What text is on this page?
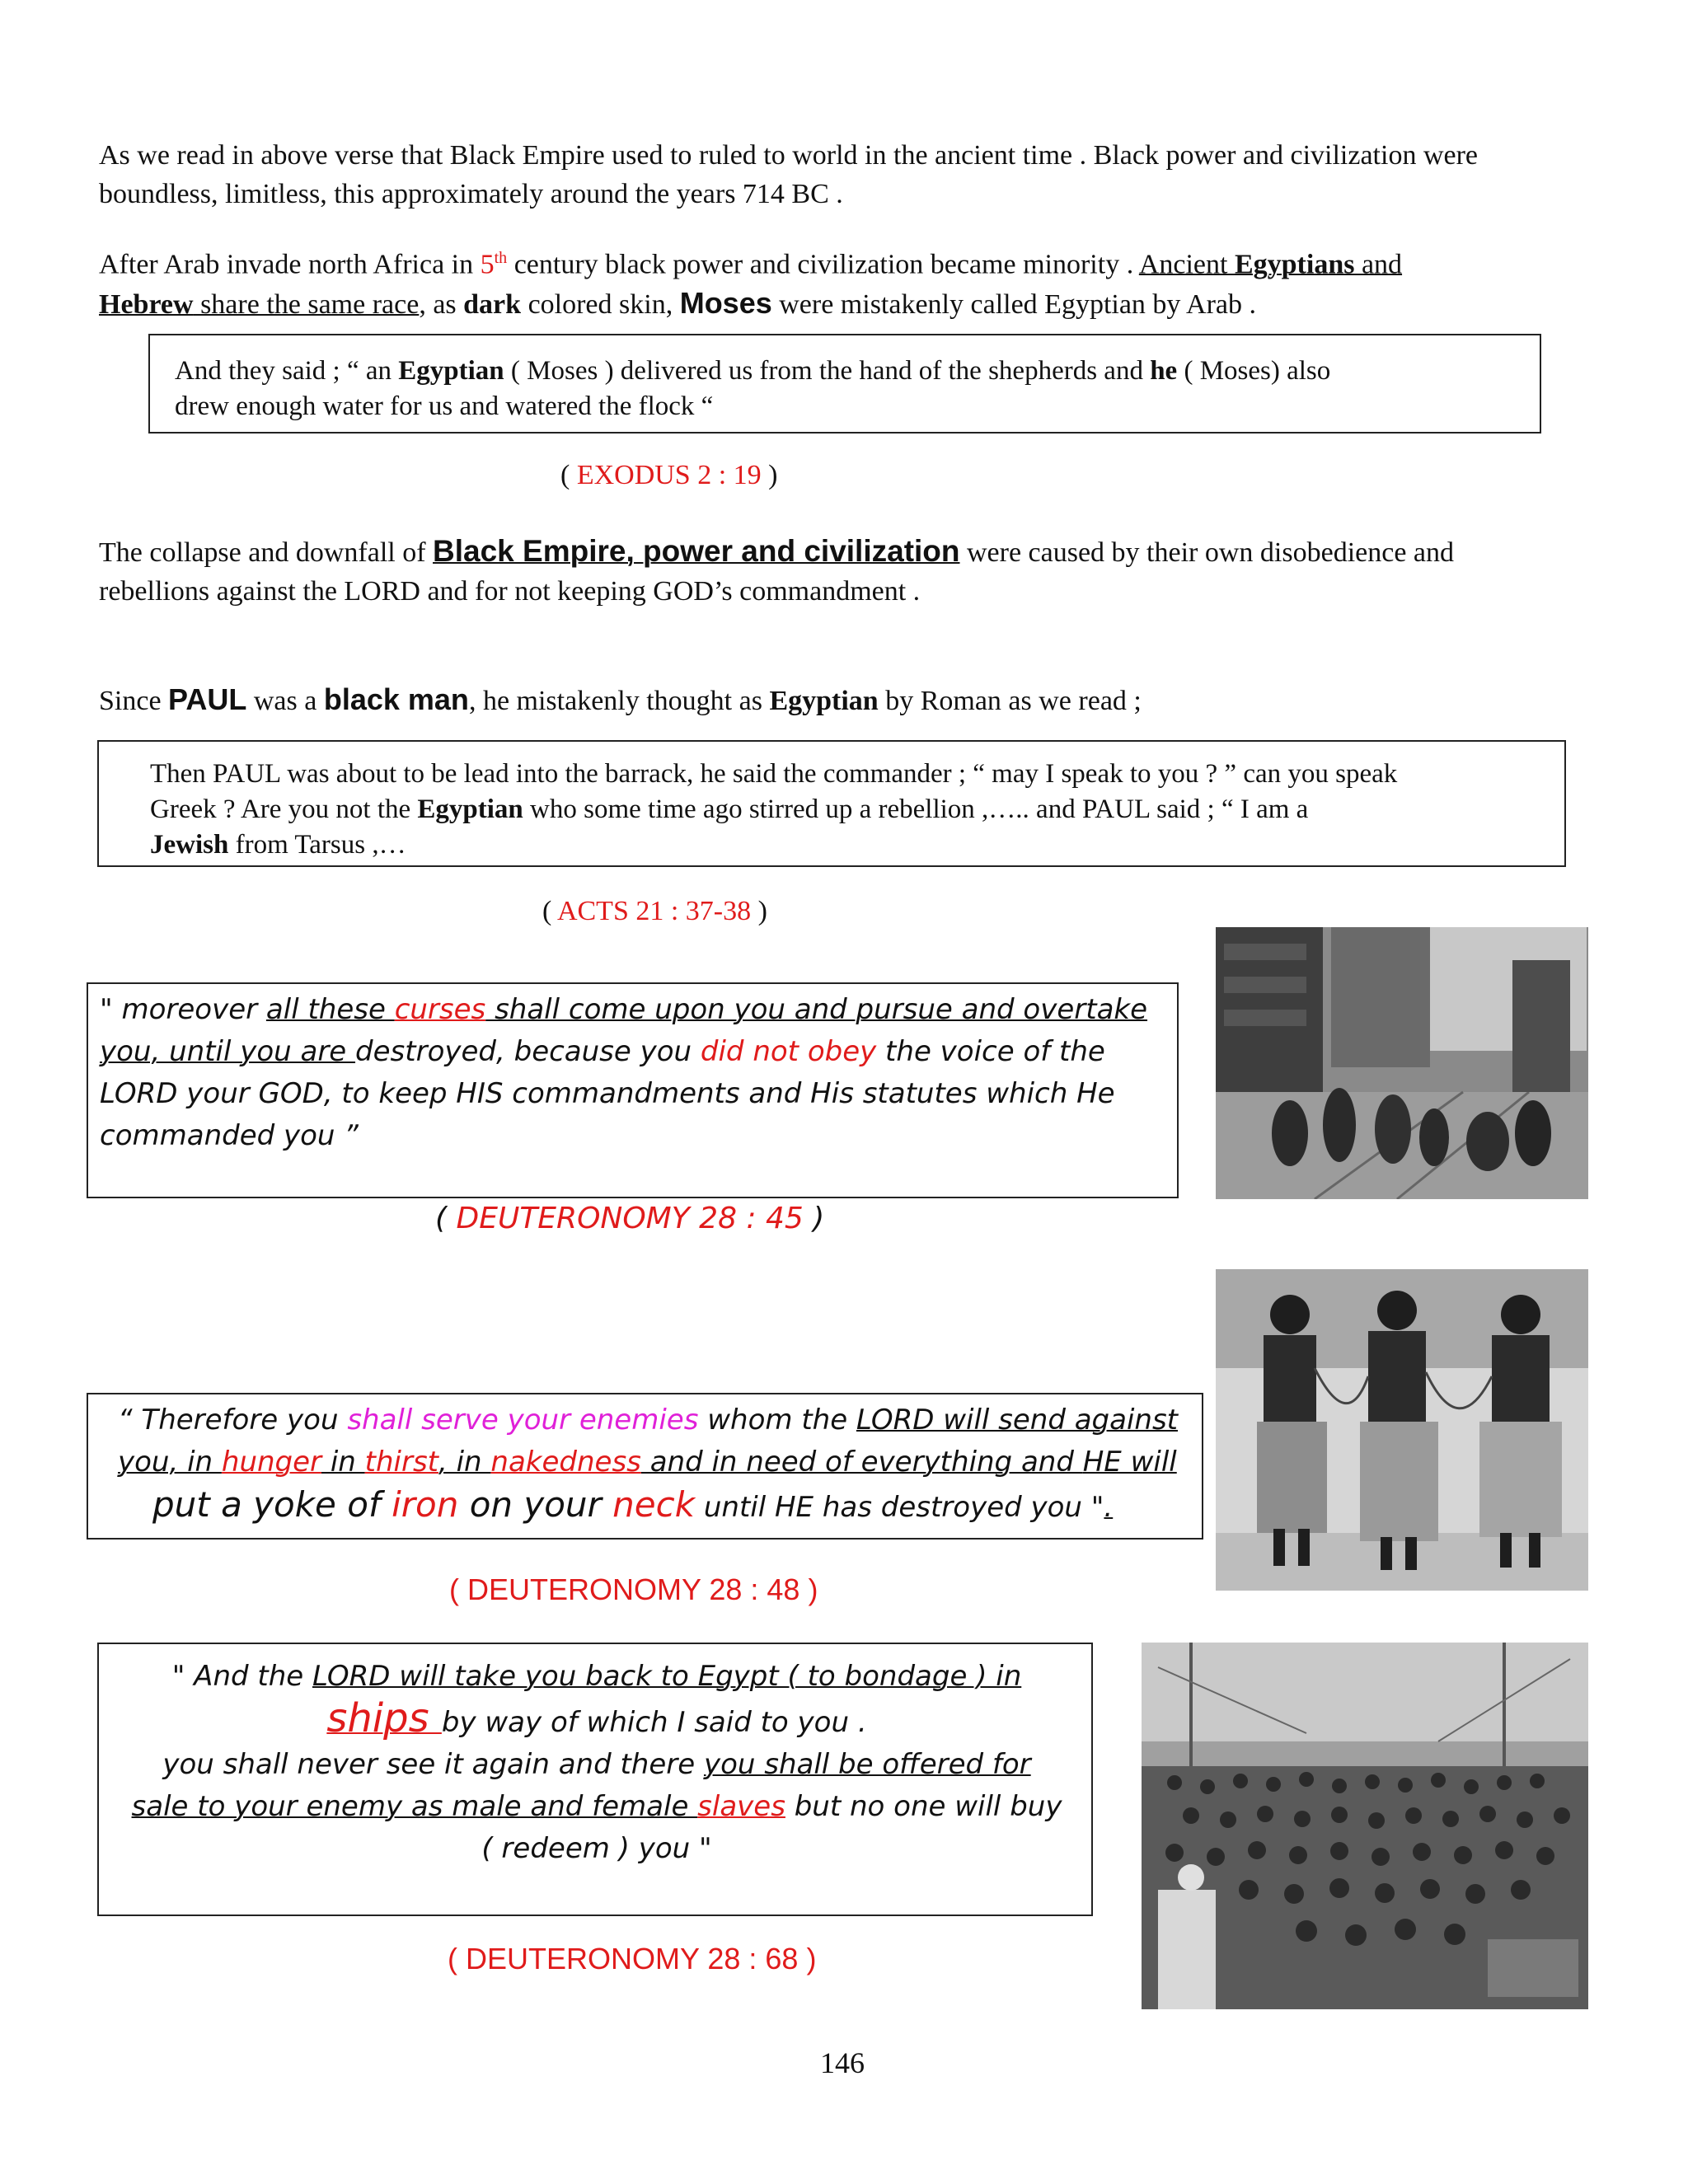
As we read in above verse that Black Empire used to ruled to world in the ancient time . Black power and civilization were
boundless, limitless, this approximately around the years 714 BC .
After Arab invade north Africa in 5th century black power and civilization became minority . Ancient Egyptians and
Hebrew share the same race, as dark colored skin, Moses were mistakenly called Egyptian by Arab .
And they said ; “ an Egyptian ( Moses ) delivered us from the hand of the shepherds and he ( Moses) also
drew enough water for us and watered the flock “
( EXODUS 2 : 19 )
The collapse and downfall of Black Empire, power and civilization were caused by their own disobedience and
rebellions against the LORD and for not keeping GOD’s commandment .
Since PAUL was a black man, he mistakenly thought as Egyptian by Roman as we read ;
Then PAUL was about to be lead into the barrack, he said the commander ; “ may I speak to you ? ” can you speak
Greek ? Are you not the Egyptian who some time ago stirred up a rebellion ,….. and PAUL said ; “ I am a
Jewish from Tarsus ,…
( ACTS 21 : 37-38 )
" moreover all these curses shall come upon you and pursue and overtake
you, until you are destroyed, because you did not obey the voice of the
LORD your GOD, to keep HIS commandments and His statutes which He
commanded you ”
( DEUTERONOMY 28 : 45 )
“ Therefore you shall serve your enemies whom the LORD will send against
you, in hunger in thirst, in nakedness and in need of everything and HE will
put a yoke of iron on your neck until HE has destroyed you ".
( DEUTERONOMY 28 : 48 )
" And the LORD will take you back to Egypt ( to bondage ) in
ships by way of which I said to you .
you shall never see it again and there you shall be offered for
sale to your enemy as male and female slaves but no one will buy
( redeem ) you "
( DEUTERONOMY 28 : 68 )
146
